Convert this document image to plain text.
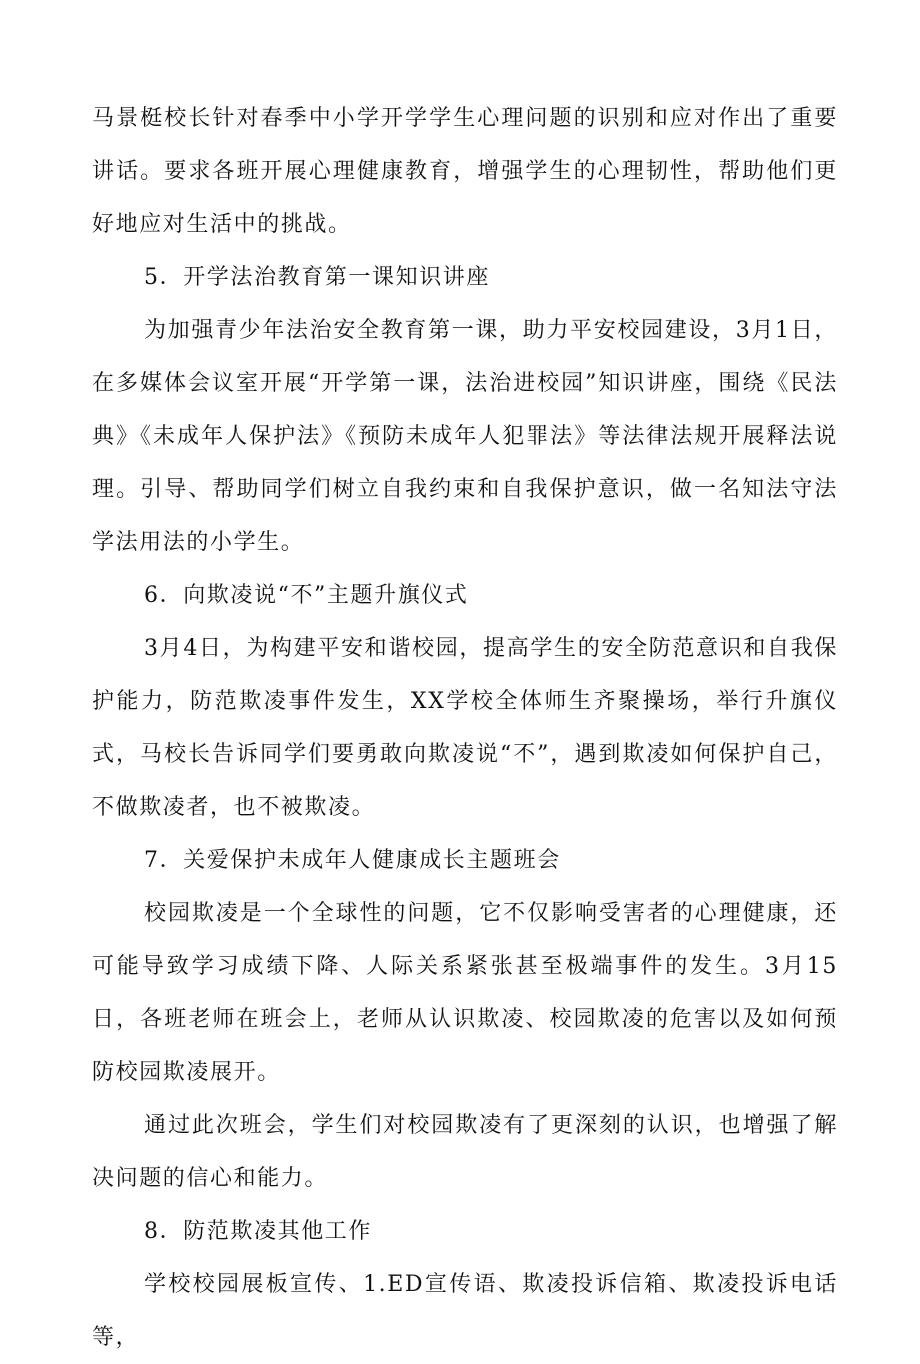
马景梃校长针对春季中小学开学学生心理问题的识别和应对作出了重要讲话。要求各班开展心理健康教育，增强学生的心理韧性，帮助他们更好地应对生活中的挑战。

5．开学法治教育第一课知识讲座

为加强青少年法治安全教育第一课，助力平安校园建设，3月1日，在多媒体会议室开展“开学第一课，法治进校园”知识讲座，围绕《民法典》《未成年人保护法》《预防未成年人犯罪法》等法律法规开展释法说理。引导、帮助同学们树立自我约束和自我保护意识，做一名知法守法学法用法的小学生。

6．向欺凌说“不”主题升旗仪式

3月4日，为构建平安和谐校园，提高学生的安全防范意识和自我保护能力，防范欺凌事件发生，XX学校全体师生齐聚操场，举行升旗仪式，马校长告诉同学们要勇敢向欺凌说“不”，遇到欺凌如何保护自己，不做欺凌者，也不被欺凌。

7．关爱保护未成年人健康成长主题班会

校园欺凌是一个全球性的问题，它不仅影响受害者的心理健康，还可能导致学习成绩下降、人际关系紧张甚至极端事件的发生。3月15日，各班老师在班会上，老师从认识欺凌、校园欺凌的危害以及如何预防校园欺凌展开。

通过此次班会，学生们对校园欺凌有了更深刻的认识，也增强了解决问题的信心和能力。

8．防范欺凌其他工作

学校校园展板宣传、1.ED宣传语、欺凌投诉信箱、欺凌投诉电话等，
